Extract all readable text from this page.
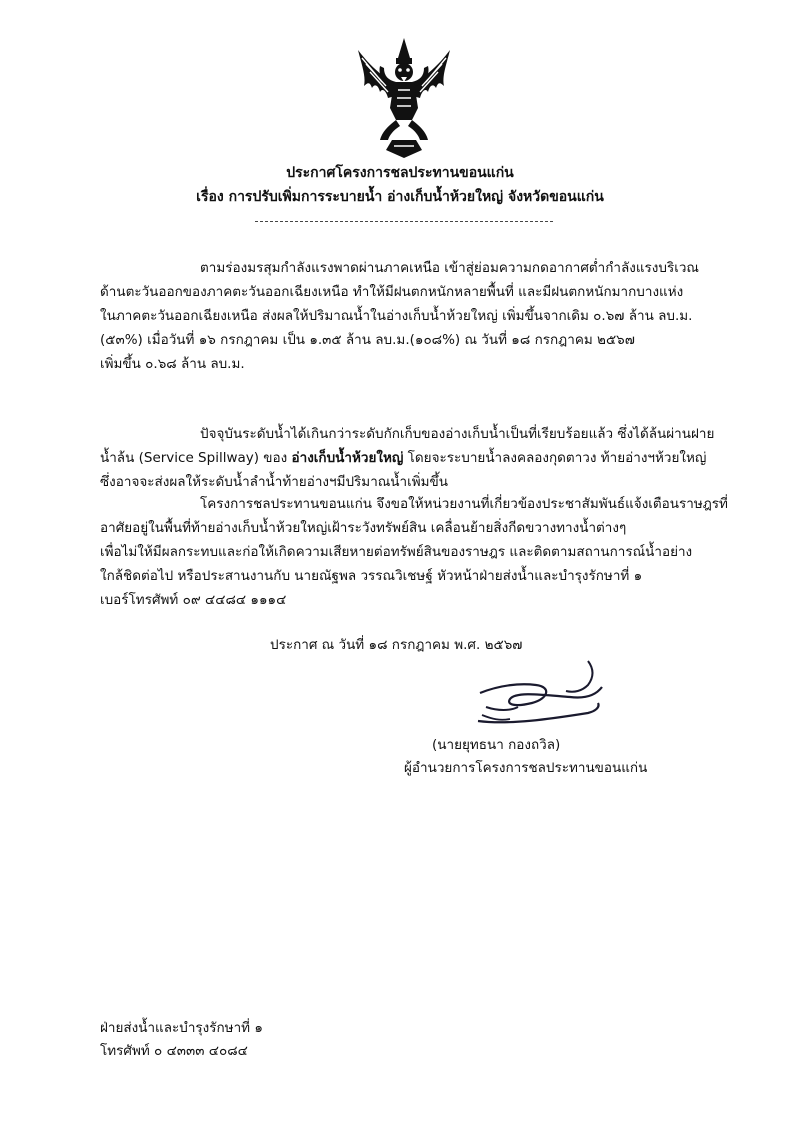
ประกาศโครงการชลประทานขอนแก่น
เรื่อง การปรับเพิ่มการระบายน้ำ อ่างเก็บน้ำห้วยใหญ่ จังหวัดขอนแก่น
ตามร่องมรสุมกำลังแรงพาดผ่านภาคเหนือ เข้าสู่ย่อมความกดอากาศต่ำกำลังแรงบริเวณ
ด้านตะวันออกของภาคตะวันออกเฉียงเหนือ ทำให้มีฝนตกหนักหลายพื้นที่ และมีฝนตกหนักมากบางแห่ง
ในภาคตะวันออกเฉียงเหนือ ส่งผลให้ปริมาณน้ำในอ่างเก็บน้ำห้วยใหญ่ เพิ่มขึ้นจากเดิม ๐.๖๗ ล้าน ลบ.ม.
(๕๓%) เมื่อวันที่ ๑๖ กรกฎาคม เป็น ๑.๓๕ ล้าน ลบ.ม.(๑๐๘%) ณ วันที่ ๑๘ กรกฎาคม ๒๕๖๗
เพิ่มขึ้น ๐.๖๘ ล้าน ลบ.ม.
ปัจจุบันระดับน้ำได้เกินกว่าระดับกักเก็บของอ่างเก็บน้ำเป็นที่เรียบร้อยแล้ว ซึ่งได้ล้นผ่านฝาย
น้ำล้น (Service Spillway) ของ อ่างเก็บน้ำห้วยใหญ่ โดยจะระบายน้ำลงคลองกุดตาวง ท้ายอ่างฯห้วยใหญ่
ซึ่งอาจจะส่งผลให้ระดับน้ำลำน้ำท้ายอ่างฯมีปริมาณน้ำเพิ่มขึ้น
โครงการชลประทานขอนแก่น จึงขอให้หน่วยงานที่เกี่ยวข้องประชาสัมพันธ์แจ้งเตือนราษฎรที่
อาศัยอยู่ในพื้นที่ท้ายอ่างเก็บน้ำห้วยใหญ่เฝ้าระวังทรัพย์สิน เคลื่อนย้ายสิ่งกีดขวางทางน้ำต่างๆ
เพื่อไม่ให้มีผลกระทบและก่อให้เกิดความเสียหายต่อทรัพย์สินของราษฎร และติดตามสถานการณ์น้ำอย่าง
ใกล้ชิดต่อไป หรือประสานงานกับ นายณัฐพล วรรณวิเชษฐ์ หัวหน้าฝ่ายส่งน้ำและบำรุงรักษาที่ ๑
เบอร์โทรศัพท์ ๐๙ ๔๔๘๔ ๑๑๑๔
ประกาศ ณ วันที่ ๑๘ กรกฎาคม พ.ศ. ๒๕๖๗
(นายยุทธนา กองถวิล)
ผู้อำนวยการโครงการชลประทานขอนแก่น
ฝ่ายส่งน้ำและบำรุงรักษาที่ ๑
โทรศัพท์ ๐ ๔๓๓๓ ๔๐๘๔
